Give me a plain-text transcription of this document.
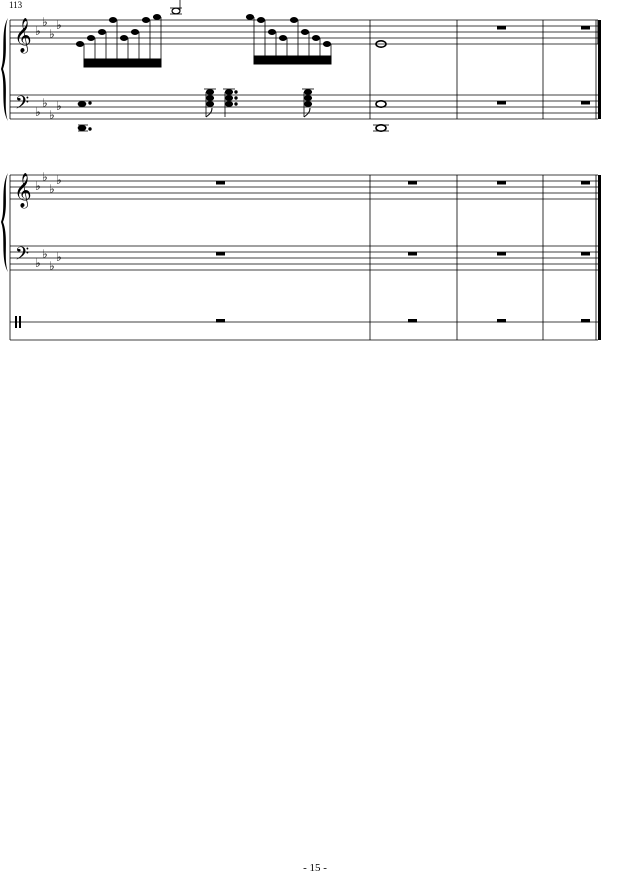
113
𝄞 ♭
♭
♭
♭
𝄢 ♭
♭
♭
♭
𝄞 ♭
♭
♭
♭
𝄢 ♭
♭
♭
♭
- 15 -
